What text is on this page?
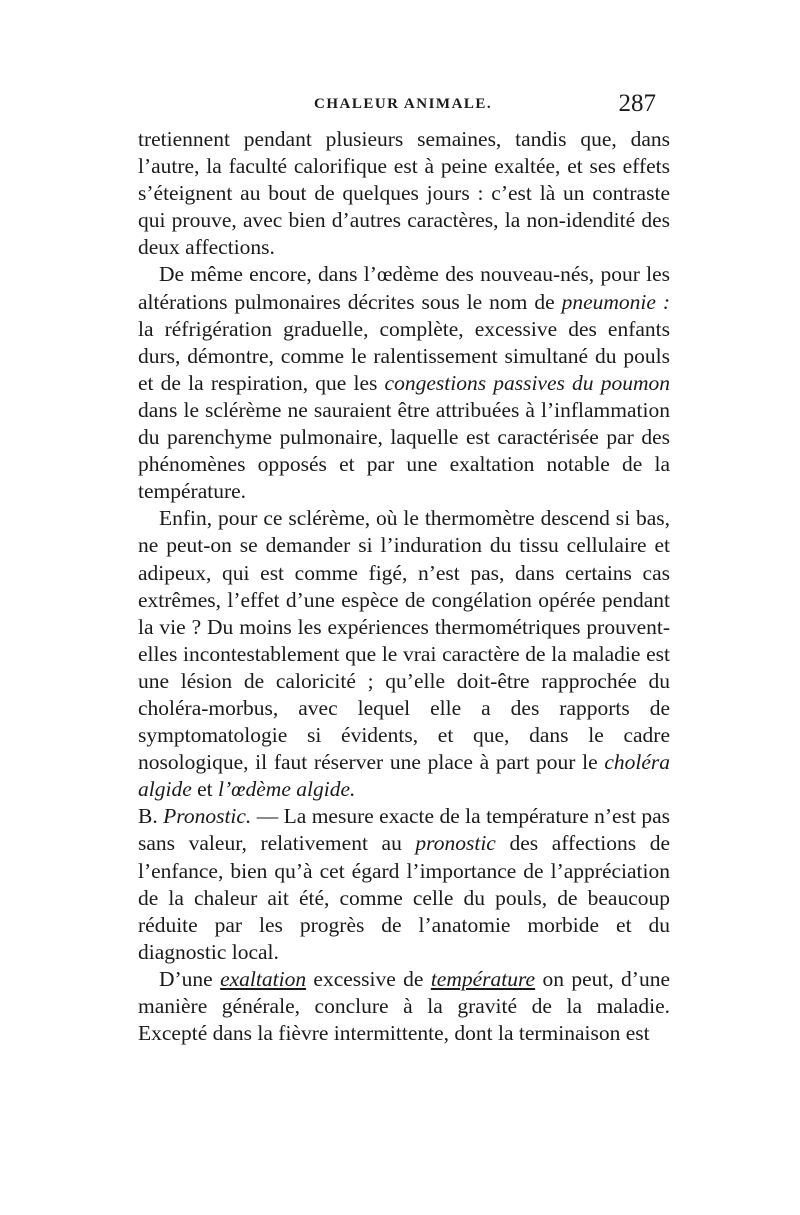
CHALEUR ANIMALE.	287

tretiennent pendant plusieurs semaines, tandis que, dans l’autre, la faculté calorifique est à peine exaltée, et ses effets s’éteignent au bout de quelques jours : c’est là un contraste qui prouve, avec bien d’autres caractères, la non-idendité des deux affections.

De même encore, dans l’œdème des nouveau-nés, pour les altérations pulmonaires décrites sous le nom de pneumonie : la réfrigération graduelle, complète, excessive des enfants durs, démontre, comme le ralentissement simultané du pouls et de la respiration, que les congestions passives du poumon dans le sclérème ne sauraient être attribuées à l’inflammation du parenchyme pulmonaire, laquelle est caractérisée par des phénomènes opposés et par une exaltation notable de la température.

Enfin, pour ce sclérème, où le thermomètre descend si bas, ne peut-on se demander si l’induration du tissu cellulaire et adipeux, qui est comme figé, n’est pas, dans certains cas extrêmes, l’effet d’une espèce de congélation opérée pendant la vie ? Du moins les expériences thermométriques prouvent-elles incontestablement que le vrai caractère de la maladie est une lésion de caloricité ; qu’elle doit-être rapprochée du choléra-morbus, avec lequel elle a des rapports de symptomatologie si évidents, et que, dans le cadre nosologique, il faut réserver une place à part pour le choléra algide et l’œdème algide.

B. Pronostic. — La mesure exacte de la température n’est pas sans valeur, relativement au pronostic des affections de l’enfance, bien qu’à cet égard l’importance de l’appréciation de la chaleur ait été, comme celle du pouls, de beaucoup réduite par les progrès de l’anatomie morbide et du diagnostic local.

D’une exaltation excessive de température on peut, d’une manière générale, conclure à la gravité de la maladie. Excepté dans la fièvre intermittente, dont la terminaison est
